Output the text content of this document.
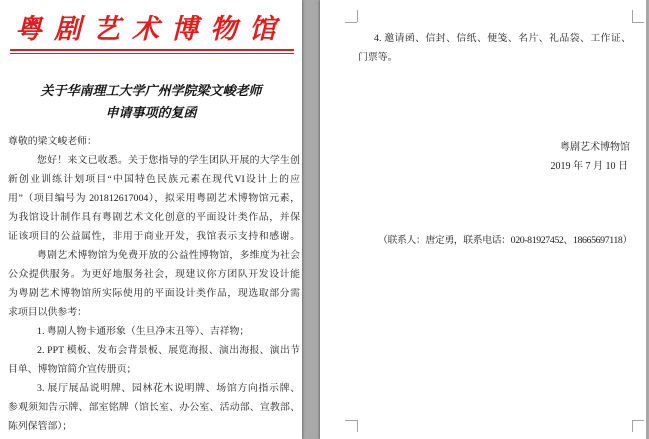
粤剧艺术博物馆
关于华南理工大学广州学院梁文峻老师
申请事项的复函
尊敬的梁文峻老师：
您好！来文已收悉。关于您指导的学生团队开展的大学生创
新创业训练计划项目“中国特色民族元素在现代VI设计上的应
用”（项目编号为 201812617004），拟采用粤剧艺术博物馆元素，
为我馆设计制作具有粤剧艺术文化创意的平面设计类作品，并保
证该项目的公益属性，非用于商业开发，我馆表示支持和感谢。
粤剧艺术博物馆为免费开放的公益性博物馆，多维度为社会
公众提供服务。为更好地服务社会，现建议你方团队开发设计能
为粤剧艺术博物馆所实际使用的平面设计类作品，现选取部分需
求项目以供参考：
1. 粤剧人物卡通形象（生旦净末丑等）、吉祥物；
2. PPT 模板、发布会背景板、展览海报、演出海报、演出节
目单、博物馆简介宣传册页；
3. 展厅展品说明牌、园林花木说明牌、场馆方向指示牌、
参观须知告示牌、部室铭牌（馆长室、办公室、活动部、宣教部、
陈列保管部）；
4. 邀请函、信封、信纸、便笺、名片、礼品袋、工作证、
门票等。
粤剧艺术博物馆
2019 年 7 月 10 日
（联系人：唐定勇，联系电话：020-81927452、18665697118）
